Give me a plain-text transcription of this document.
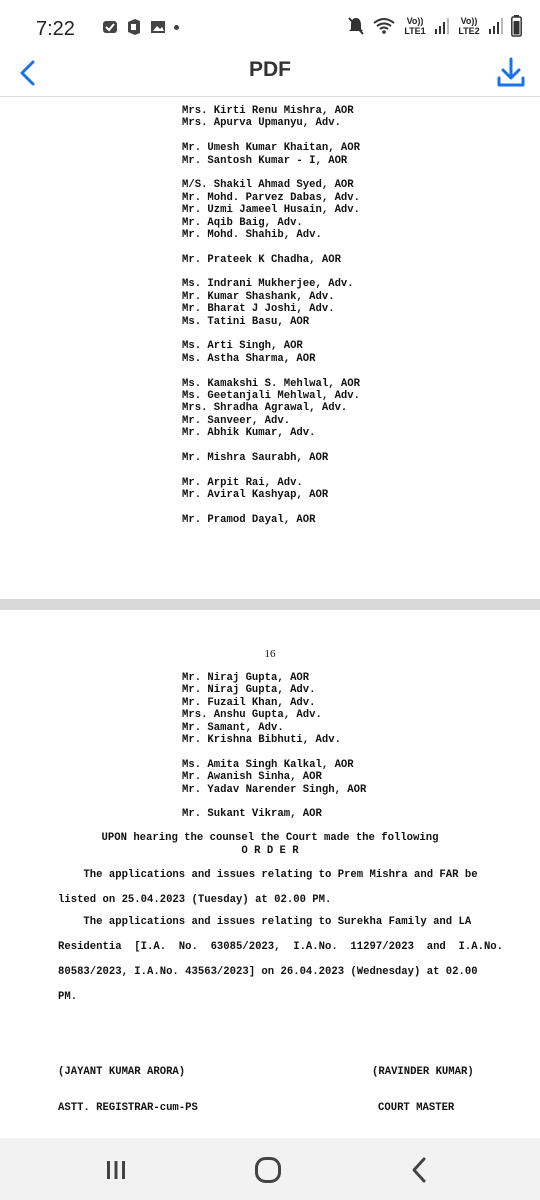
7:22	Vo)) LTE1
Vo)) LTE2
PDF
Mrs. Kirti Renu Mishra, AOR
Mrs. Apurva Upmanyu, Adv.
Mr. Umesh Kumar Khaitan, AOR
Mr. Santosh Kumar - I, AOR
M/S. Shakil Ahmad Syed, AOR
Mr. Mohd. Parvez Dabas, Adv.
Mr. Uzmi Jameel Husain, Adv.
Mr. Aqib Baig, Adv.
Mr. Mohd. Shahib, Adv.
Mr. Prateek K Chadha, AOR
Ms. Indrani Mukherjee, Adv.
Mr. Kumar Shashank, Adv.
Mr. Bharat J Joshi, Adv.
Ms. Tatini Basu, AOR
Ms. Arti Singh, AOR
Ms. Astha Sharma, AOR
Ms. Kamakshi S. Mehlwal, AOR
Ms. Geetanjali Mehlwal, Adv.
Mrs. Shradha Agrawal, Adv.
Mr. Sanveer, Adv.
Mr. Abhik Kumar, Adv.
Mr. Mishra Saurabh, AOR
Mr. Arpit Rai, Adv.
Mr. Aviral Kashyap, AOR
Mr. Pramod Dayal, AOR
16
Mr. Niraj Gupta, AOR
Mr. Niraj Gupta, Adv.
Mr. Fuzail Khan, Adv.
Mrs. Anshu Gupta, Adv.
Mr. Samant, Adv.
Mr. Krishna Bibhuti, Adv.
Ms. Amita Singh Kalkal, AOR
Mr. Awanish Sinha, AOR
Mr. Yadav Narender Singh, AOR
Mr. Sukant Vikram, AOR
UPON hearing the counsel the Court made the following
O R D E R
The applications and issues relating to Prem Mishra and FAR be
listed on 25.04.2023 (Tuesday) at 02.00 PM.
The applications and issues relating to Surekha Family and LA
Residentia  [I.A.  No.  63085/2023,  I.A.No.  11297/2023  and  I.A.No.
80583/2023, I.A.No. 43563/2023] on 26.04.2023 (Wednesday) at 02.00
PM.

(JAYANT KUMAR ARORA)

ASTT. REGISTRAR-cum-PS

(RAVINDER KUMAR)

COURT MASTER
